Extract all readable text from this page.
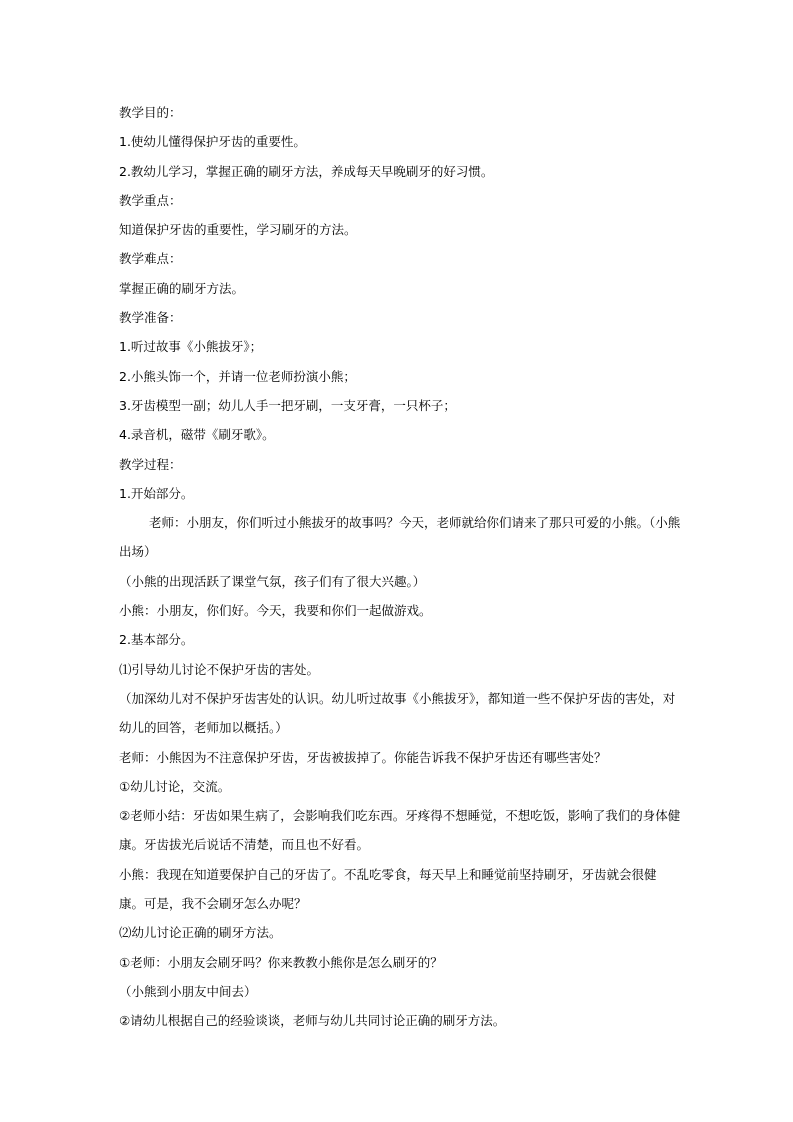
教学目的：
1.使幼儿懂得保护牙齿的重要性。
2.教幼儿学习，掌握正确的刷牙方法，养成每天早晚刷牙的好习惯。
教学重点：
知道保护牙齿的重要性，学习刷牙的方法。
教学难点：
掌握正确的刷牙方法。
教学准备：
1.听过故事《小熊拔牙》；
2.小熊头饰一个，并请一位老师扮演小熊；
3.牙齿模型一副；幼儿人手一把牙刷，一支牙膏，一只杯子；
4.录音机，磁带《刷牙歌》。
教学过程：
1.开始部分。
老师：小朋友，你们听过小熊拔牙的故事吗？今天，老师就给你们请来了那只可爱的小熊。（小熊出场）
（小熊的出现活跃了课堂气氛，孩子们有了很大兴趣。）
小熊：小朋友，你们好。今天，我要和你们一起做游戏。
2.基本部分。
⑴引导幼儿讨论不保护牙齿的害处。
（加深幼儿对不保护牙齿害处的认识。幼儿听过故事《小熊拔牙》，都知道一些不保护牙齿的害处，对幼儿的回答，老师加以概括。）
老师：小熊因为不注意保护牙齿，牙齿被拔掉了。你能告诉我不保护牙齿还有哪些害处？
①幼儿讨论，交流。
②老师小结：牙齿如果生病了，会影响我们吃东西。牙疼得不想睡觉，不想吃饭，影响了我们的身体健康。牙齿拔光后说话不清楚，而且也不好看。
小熊：我现在知道要保护自己的牙齿了。不乱吃零食，每天早上和睡觉前坚持刷牙，牙齿就会很健康。可是，我不会刷牙怎么办呢？
⑵幼儿讨论正确的刷牙方法。
①老师：小朋友会刷牙吗？你来教教小熊你是怎么刷牙的？
（小熊到小朋友中间去）
②请幼儿根据自己的经验谈谈，老师与幼儿共同讨论正确的刷牙方法。
